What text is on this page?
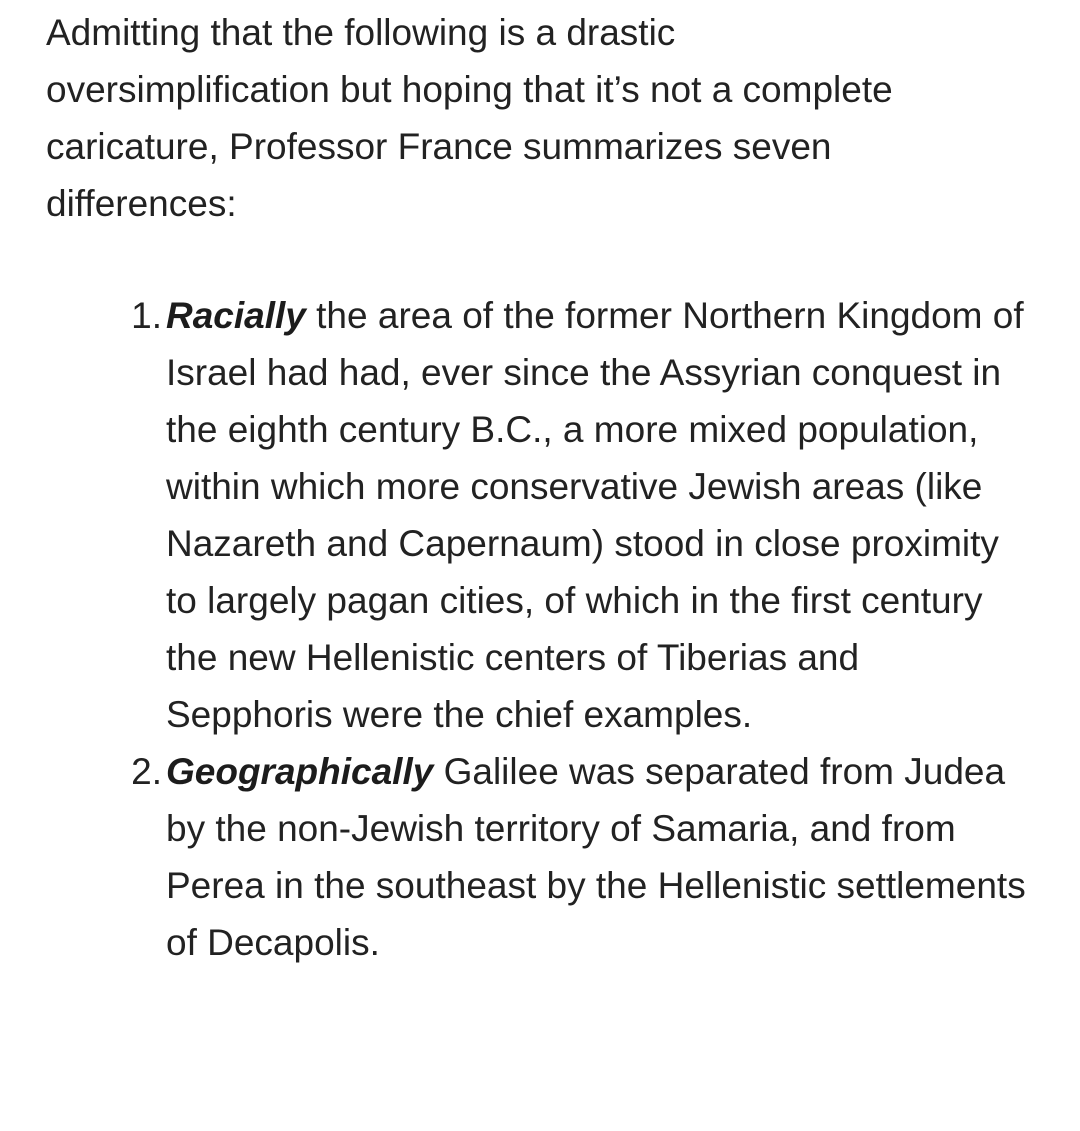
Admitting that the following is a drastic oversimplification but hoping that it’s not a complete caricature, Professor France summarizes seven differences:

1. Racially the area of the former Northern Kingdom of Israel had had, ever since the Assyrian conquest in the eighth century B.C., a more mixed population, within which more conservative Jewish areas (like Nazareth and Capernaum) stood in close proximity to largely pagan cities, of which in the first century the new Hellenistic centers of Tiberias and Sepphoris were the chief examples.
2. Geographically Galilee was separated from Judea by the non-Jewish territory of Samaria, and from Perea in the southeast by the Hellenistic settlements of Decapolis.
